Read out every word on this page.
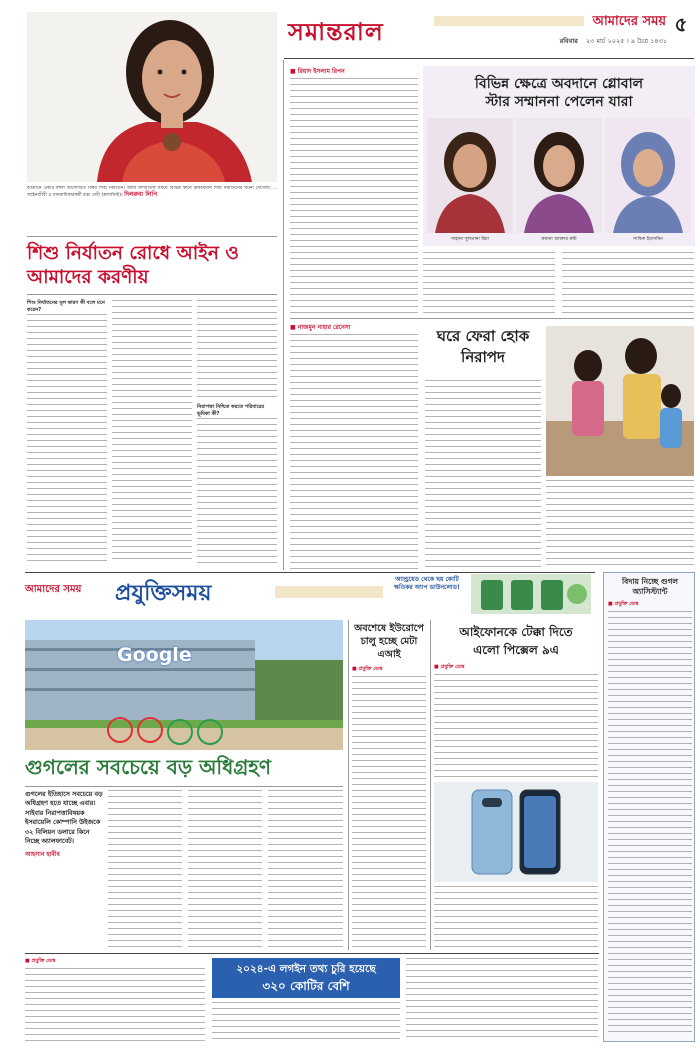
সমান্তরাল	আমাদের সময় ৫
রবিবার ২৩ মার্চ ২০২৫ । ৯ চৈত্র ১৪৩১
বর্তমানে একটি বহুল আলোচিত বিষয় শিশু নির্যাতন। আমি সাম্প্রতিক সময়ে বিভিন্ন স্থানে ক্রমবর্ধমান শিশু নির্যাতনের ঘটনা দেখেছি। ... আইনজীবী ও মানবাধিকারকর্মী রত্না দেবী (কলামিস্ট)। দিলরুবা লিপি
শিশু নির্যাতন রোধে আইন ও আমাদের করণীয়
শিশু নির্যাতনের মূল কারণ কী বলে মনে করেন?
নিরাপত্তা নিশ্চিত করতে পরিবারের ভূমিকা কী?
■ রিয়াদ ইসলাম রিপন
বিভিন্ন ক্ষেত্রে অবদানে গ্লোবাল
স্টার সম্মাননা পেলেন যারা
সাহানা সুলতানা রিমা	রুমানা আক্তার রুমি	সাবিনা ইয়াসমিন
■ নাজমুন নাহার রেনেসা	ঘরে ফেরা হোক নিরাপদ
আমাদের সময়	প্রযুক্তিসময়
অ্যান্ড্রয়েড থেকে ছয় কোটি ক্ষতিকর অ্যাপ ডাউনলোড!
Google
গুগলের সবচেয়ে বড় অধিগ্রহণ
গুগলের ইতিহাসে সবচেয়ে বড় অধিগ্রহণ হতে যাচ্ছে এবার। সাইবার নিরাপত্তাবিষয়ক ইসরায়েলি কোম্পানি উইজকে ৩২ বিলিয়ন ডলারে কিনে নিচ্ছে অ্যালফাবেট।
আহসান হাবীব
অবশেষে ইউরোপে চালু হচ্ছে মেটা এআই
■ প্রযুক্তি ডেস্ক
আইফোনকে টেক্কা দিতে
এলো পিক্সেল ৯এ
■ প্রযুক্তি ডেস্ক
বিদায় নিচ্ছে গুগল অ্যাসিস্ট্যান্ট
■ প্রযুক্তি ডেস্ক
■ প্রযুক্তি ডেস্ক
২০২৪-এ লগইন তথ্য চুরি হয়েছে
৩২০ কোটির বেশি
